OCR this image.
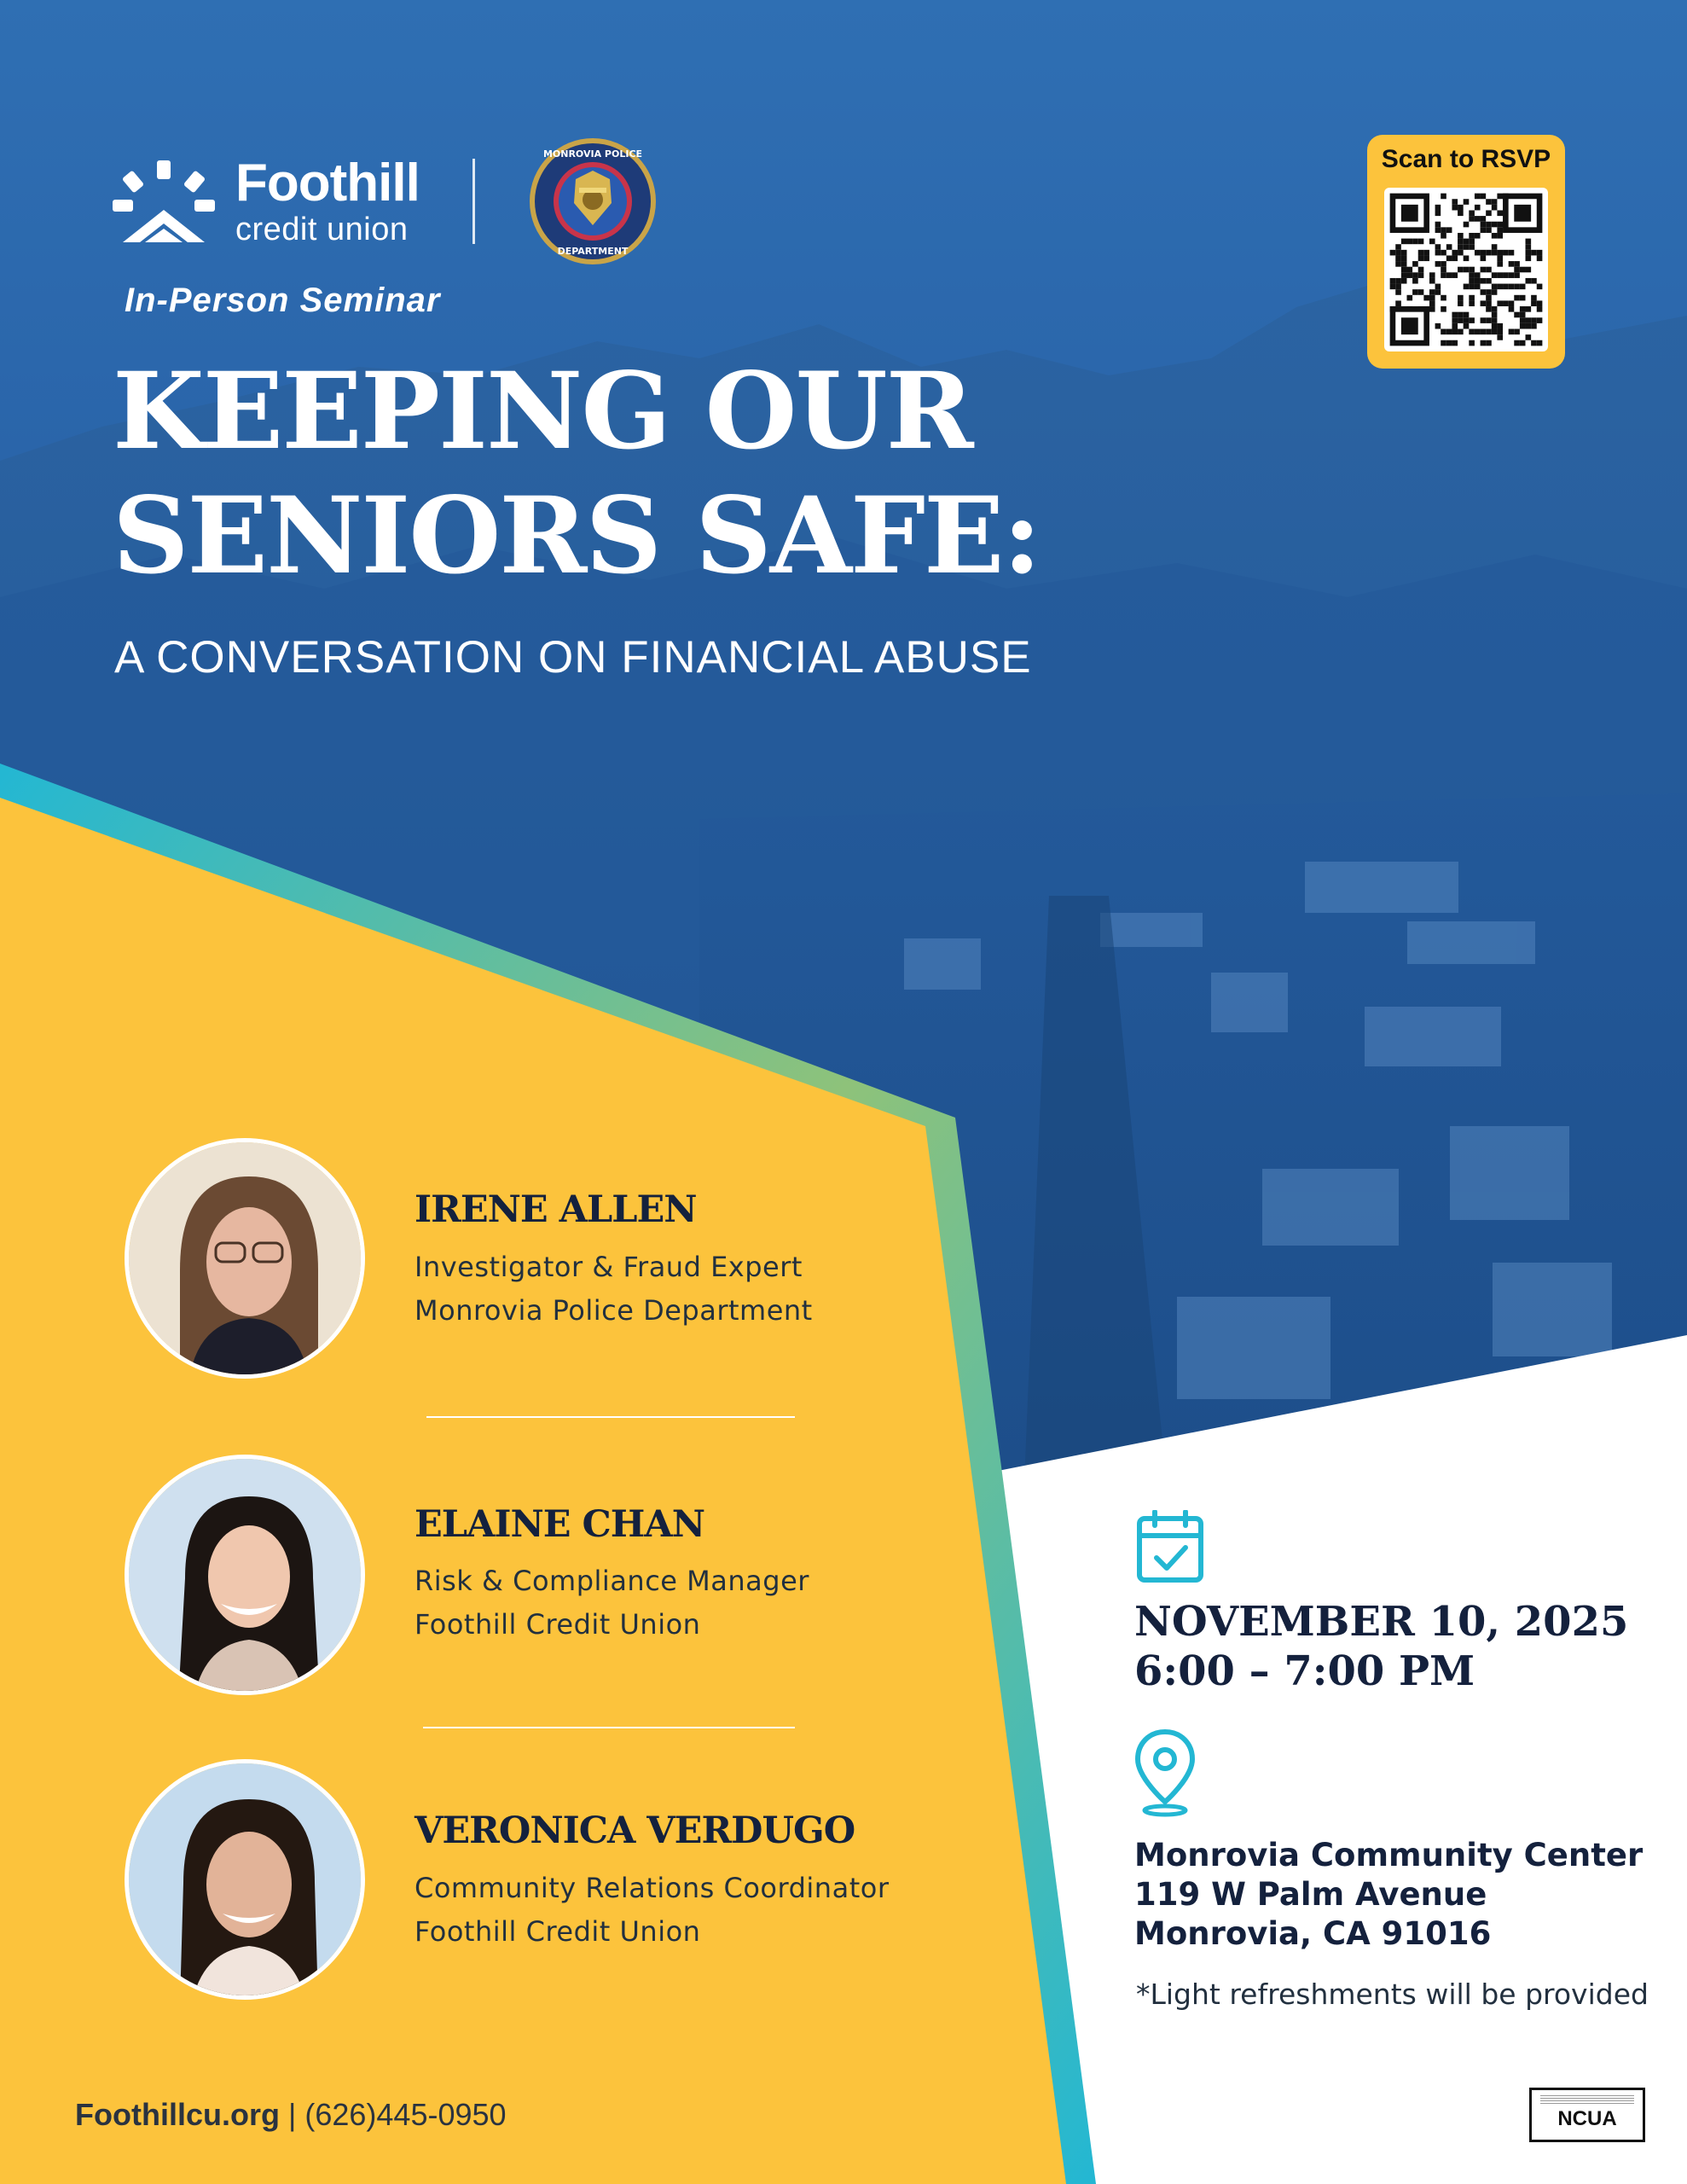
Foothill
credit union
MONROVIA POLICE
DEPARTMENT
In-Person Seminar
KEEPING OUR
SENIORS SAFE:
A CONVERSATION ON FINANCIAL ABUSE
Scan to RSVP
IRENE ALLEN
Investigator & Fraud Expert
Monrovia Police Department
ELAINE CHAN
Risk & Compliance Manager
Foothill Credit Union
VERONICA VERDUGO
Community Relations Coordinator
Foothill Credit Union
NOVEMBER 10, 2025
6:00 – 7:00 PM
Monrovia Community Center
119 W Palm Avenue
Monrovia, CA 91016
*Light refreshments will be provided
Foothillcu.org | (626)445-0950	NCUA
